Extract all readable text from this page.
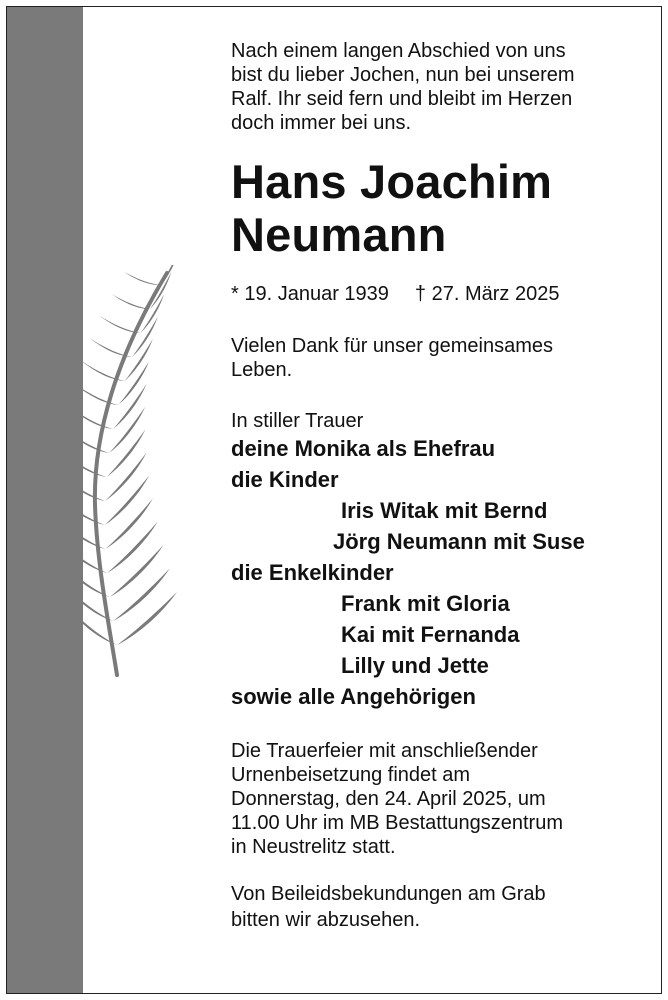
Nach einem langen Abschied von uns

bist du lieber Jochen, nun bei unserem

Ralf. Ihr seid fern und bleibt im Herzen

doch immer bei uns.

Hans Joachim
Neumann
* 19. Januar 1939 † 27. März 2025

Vielen Dank für unser gemeinsames

Leben.

In stiller Trauer

deine Monika als Ehefrau

die Kinder

Iris Witak mit Bernd

Jörg Neumann mit Suse

die Enkelkinder

Frank mit Gloria

Kai mit Fernanda

Lilly und Jette

sowie alle Angehörigen

Die Trauerfeier mit anschließender

Urnenbeisetzung findet am

Donnerstag, den 24. April 2025, um

11.00 Uhr im MB Bestattungszentrum

in Neustrelitz statt.

Von Beileidsbekundungen am Grab

bitten wir abzusehen.
